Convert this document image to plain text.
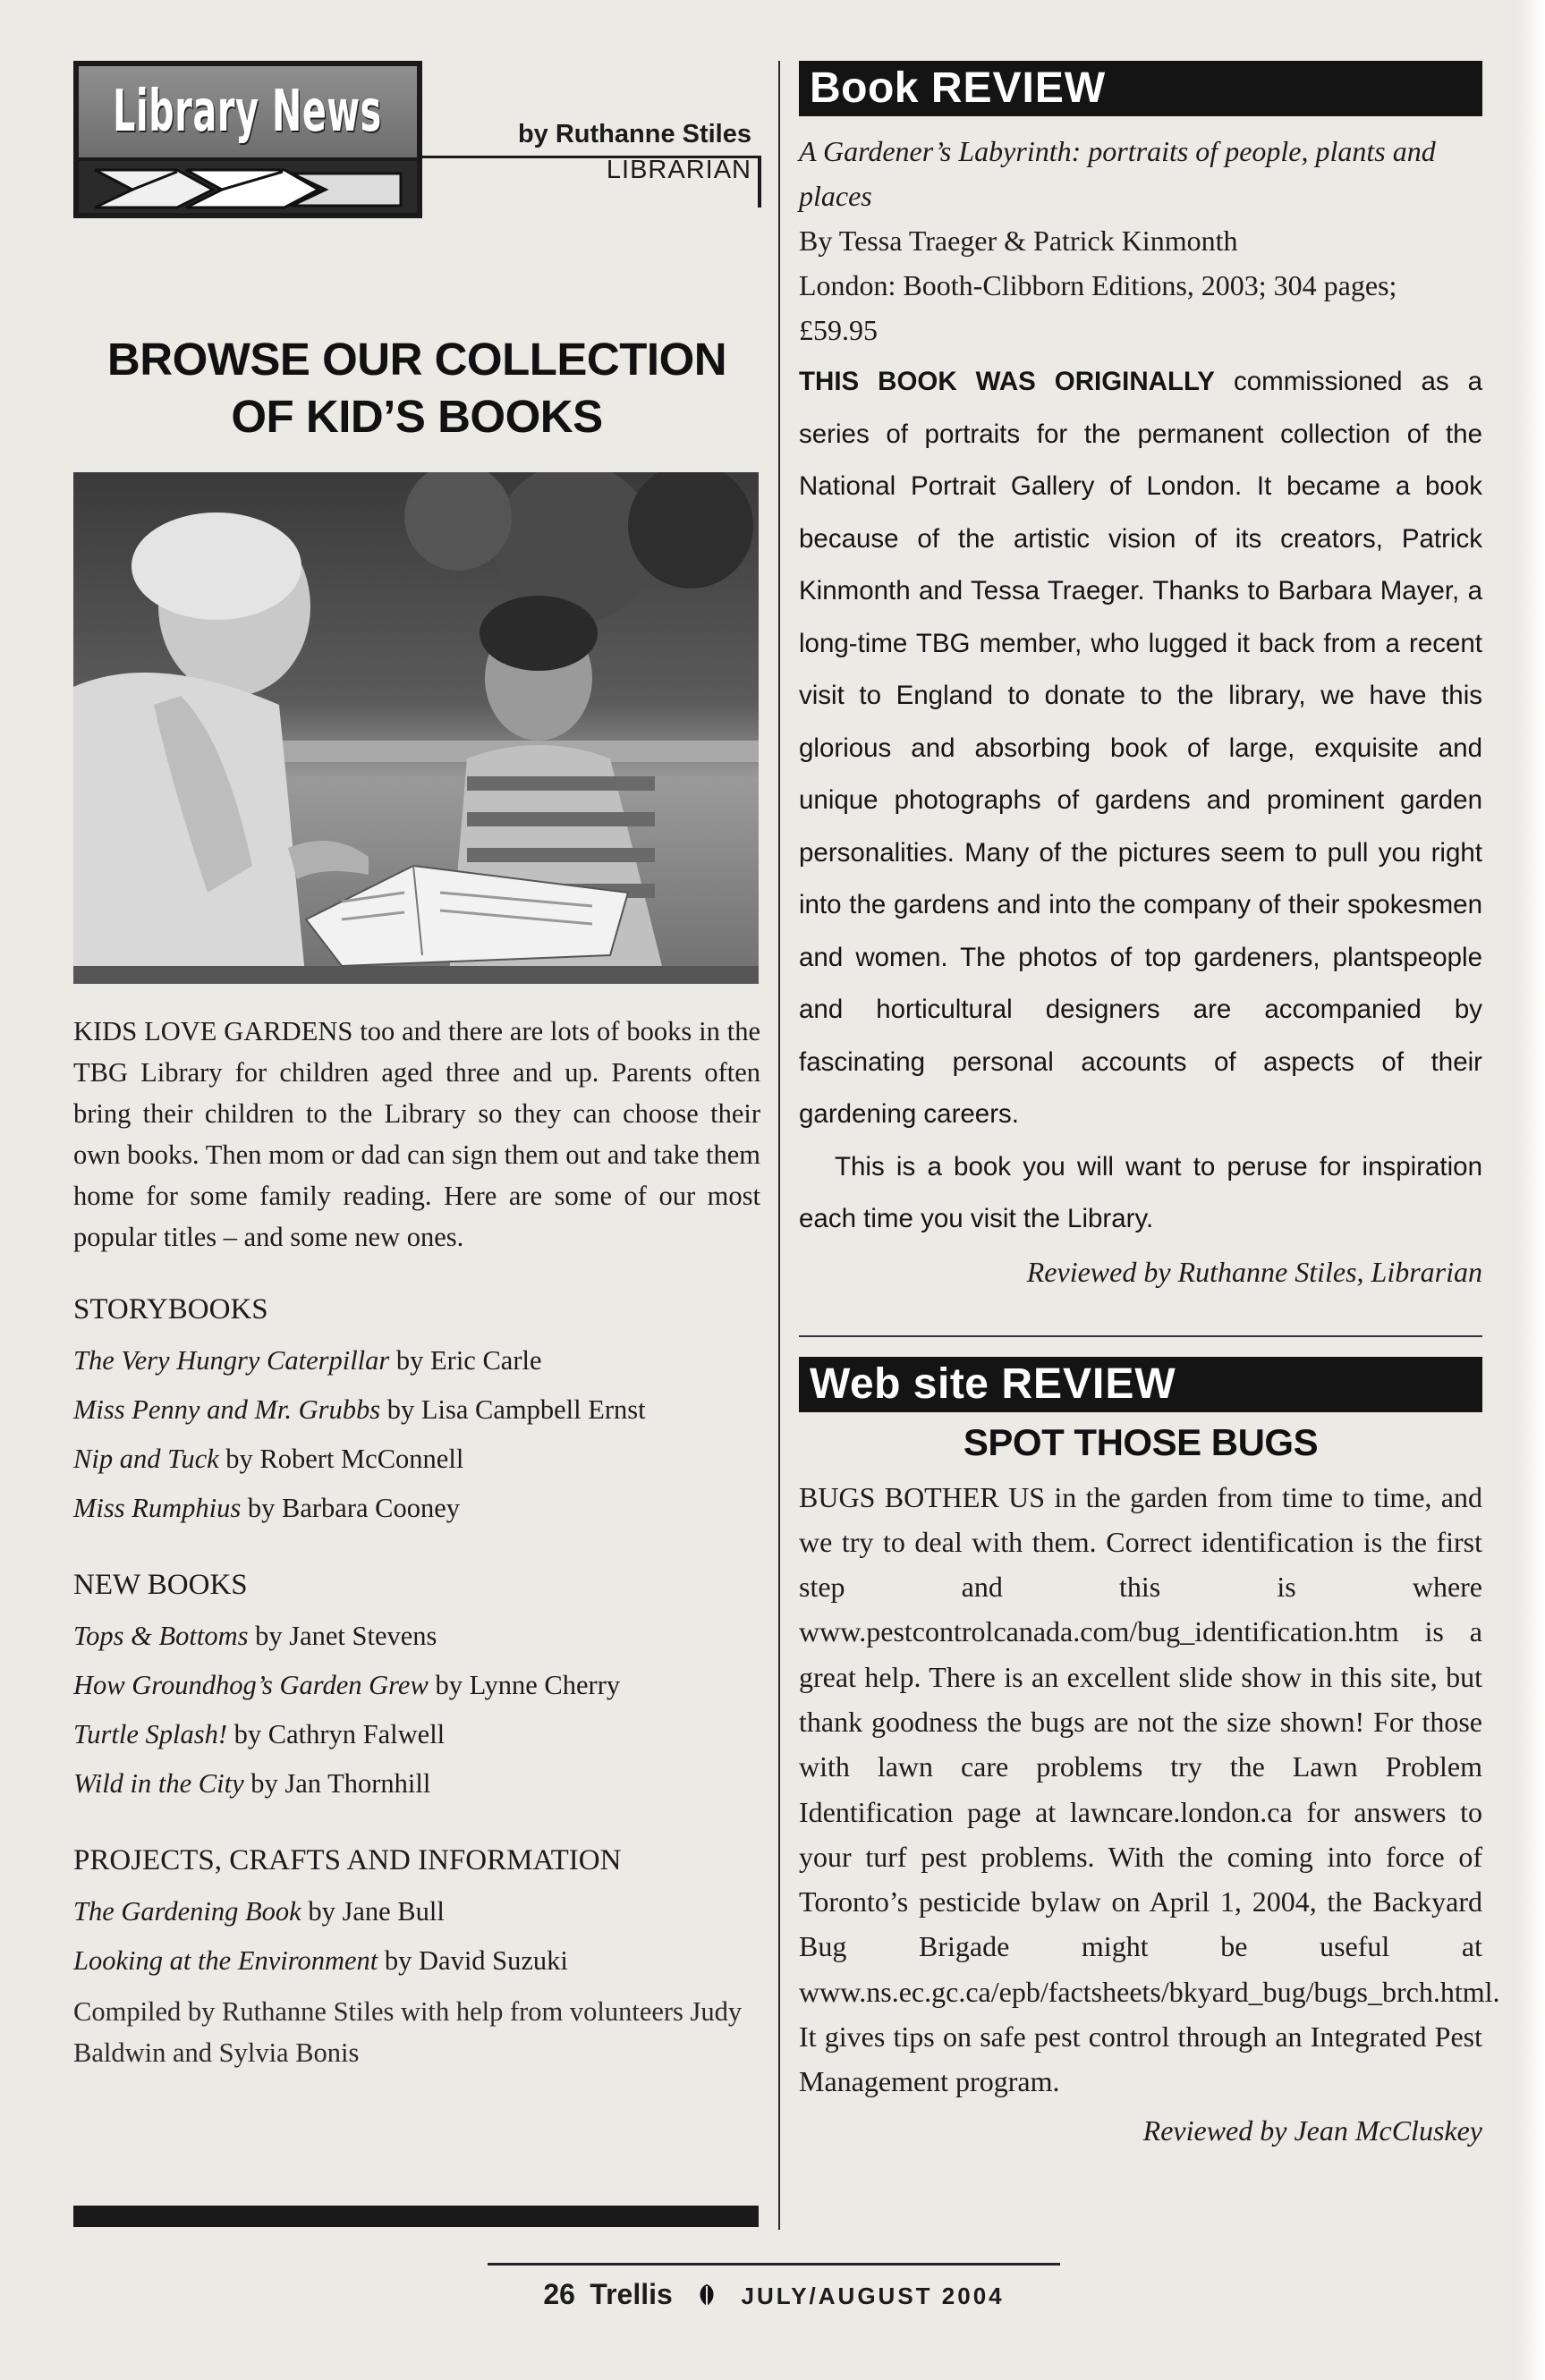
Library News	by Ruthanne Stiles
LIBRARIAN
BROWSE OUR COLLECTION
OF KID’S BOOKS
KIDS LOVE GARDENS too and there are lots of books in the TBG Library for children aged three and up. Parents often bring their children to the Library so they can choose their own books. Then mom or dad can sign them out and take them home for some family reading. Here are some of our most popular titles – and some new ones.
STORYBOOKS
The Very Hungry Caterpillar by Eric Carle
Miss Penny and Mr. Grubbs by Lisa Campbell Ernst
Nip and Tuck by Robert McConnell
Miss Rumphius by Barbara Cooney
NEW BOOKS
Tops & Bottoms by Janet Stevens
How Groundhog’s Garden Grew by Lynne Cherry
Turtle Splash! by Cathryn Falwell
Wild in the City by Jan Thornhill
PROJECTS, CRAFTS AND INFORMATION
The Gardening Book by Jane Bull
Looking at the Environment by David Suzuki
Compiled by Ruthanne Stiles with help from volunteers Judy Baldwin and Sylvia Bonis
Book REVIEW
A Gardener’s Labyrinth: portraits of people, plants and places
By Tessa Traeger & Patrick Kinmonth
London: Booth-Clibborn Editions, 2003; 304 pages; £59.95

THIS BOOK WAS ORIGINALLY commissioned as a series of portraits for the permanent collection of the National Portrait Gallery of London. It became a book because of the artistic vision of its creators, Patrick Kinmonth and Tessa Traeger. Thanks to Barbara Mayer, a long-time TBG member, who lugged it back from a recent visit to England to donate to the library, we have this glorious and absorbing book of large, exquisite and unique photographs of gardens and prominent garden personalities. Many of the pictures seem to pull you right into the gardens and into the company of their spokesmen and women. The photos of top gardeners, plantspeople and horticultural designers are accompanied by fascinating personal accounts of aspects of their gardening careers.

This is a book you will want to peruse for inspiration each time you visit the Library.

Reviewed by Ruthanne Stiles, Librarian
Web site REVIEW
SPOT THOSE BUGS
BUGS BOTHER US in the garden from time to time, and we try to deal with them. Correct identification is the first step and this is where www.pestcontrolcanada.com/bug_identification.htm is a great help. There is an excellent slide show in this site, but thank goodness the bugs are not the size shown! For those with lawn care problems try the Lawn Problem Identification page at lawncare.london.ca for answers to your turf pest problems. With the coming into force of Toronto’s pesticide bylaw on April 1, 2004, the Backyard Bug Brigade might be useful at www.ns.ec.gc.ca/epb/factsheets/bkyard_bug/bugs_brch.html. It gives tips on safe pest control through an Integrated Pest Management program.
Reviewed by Jean McCluskey
26 Trellis	JULY/AUGUST 2004
